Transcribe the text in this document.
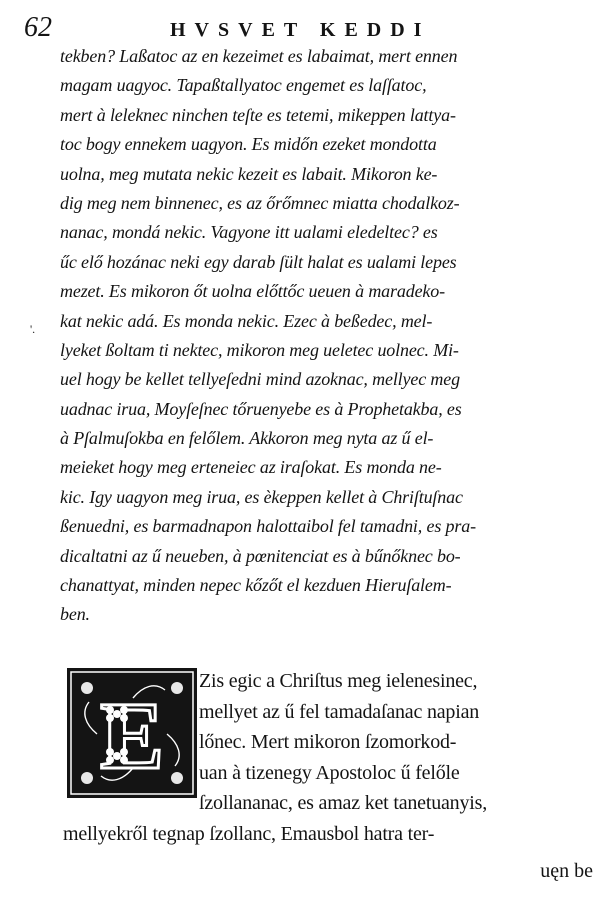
62	HVSVET KEDDI
tekben? Laßatoc az en kezeimet es labaimat, mert ennen
magam uagyoc. Tapaßtallyatoc engemet es laſſatoc,
mert à leleknec ninchen teſte es tetemi, mikeppen lattya-
toc bogy ennekem uagyon. Es midőn ezeket mondotta
uolna, meg mutata nekic kezeit es labait. Mikoron ke-
dig meg nem binnenec, es az őrőmnec miatta chodalkoz-
nanac, mondá nekic. Vagyone itt ualami eledeltec? es
űc elő hozánac neki egy darab ſült halat es ualami lepes
mezet. Es mikoron őt uolna előttőc ueuen à maradeko-
kat nekic adá. Es monda nekic. Ezec à beßedec, mel-
lyeket ßoltam ti nektec, mikoron meg ueletec uolnec. Mi-
uel hogy be kellet tellyeſedni mind azoknac, mellyec meg
uadnac irua, Moyſeſnec tőruenyebe es à Prophetakba, es
à Pſalmuſokba en felőlem. Akkoron meg nyta az ű el-
meieket hogy meg erteneiec az iraſokat. Es monda ne-
kic. Igy uagyon meg irua, es èkeppen kellet à Chriſtuſnac
ßenuedni, es barmadnapon halottaibol fel tamadni, es pra-
dicaltatni az ű neueben, à pœnitenciat es à bűnőknec bo-
chanattyat, minden nepec kőzőt el kezduen Hieruſalem-
ben.
'.
E
Zis egic a Chriſtus meg ielenesinec,
mellyet az ű fel tamadaſanac napian
lőnec. Mert mikoron ſzomorkod-
uan à tizenegy Apostoloc ű felőle
ſzollananac, es amaz ket tanetuanyis,
mellyekről tegnap ſzollanc, Emausbol hatra ter-
uęn be
